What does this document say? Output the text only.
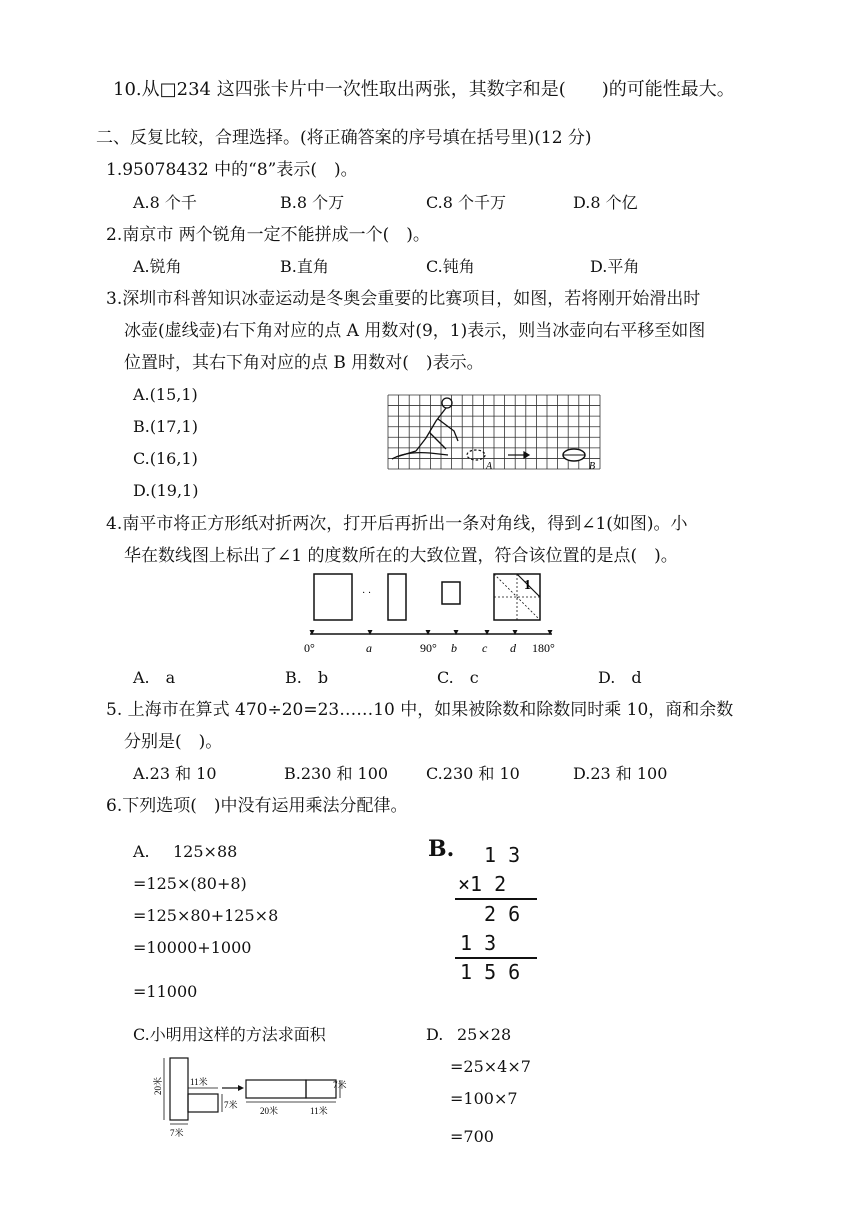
10.从□234 这四张卡片中一次性取出两张，其数字和是(　　)的可能性最大。
二、反复比较，合理选择。(将正确答案的序号填在括号里)(12 分)
1.95078432 中的“8”表示(　)。
A.8 个千	B.8 个万	C.8 个千万	D.8 个亿
2.南京市 两个锐角一定不能拼成一个(　)。
A.锐角	B.直角	C.钝角	D.平角
3.深圳市科普知识冰壶运动是冬奥会重要的比赛项目，如图，若将刚开始滑出时
冰壶(虚线壶)右下角对应的点 A 用数对(9，1)表示，则当冰壶向右平移至如图
位置时，其右下角对应的点 B 用数对(　)表示。
A.(15,1)
B.(17,1)
C.(16,1)
D.(19,1)
A	B
4.南平市将正方形纸对折两次，打开后再折出一条对角线，得到∠1(如图)。小
华在数线图上标出了∠1 的度数所在的大致位置，符合该位置的是点(　)。
· ·
1
0°	a	90° b c d 180°
A.　a	B.　b	C.　c	D.　d
5. 上海市在算式 470÷20=23……10 中，如果被除数和除数同时乘 10，商和余数
分别是(　)。
A.23 和 10	B.230 和 100 C.230 和 10	D.23 和 100
6.下列选项(　)中没有运用乘法分配律。
A. 125×88
=125×(80+8)
=125×80+125×8
=10000+1000
=11000
B. 1 3
×1 2
2 6
1 3
1 5 6
C.小明用这样的方法求面积
20米	11米
7米
7米
20米	11米
7米
D. 25×28
=25×4×7
=100×7
=700
